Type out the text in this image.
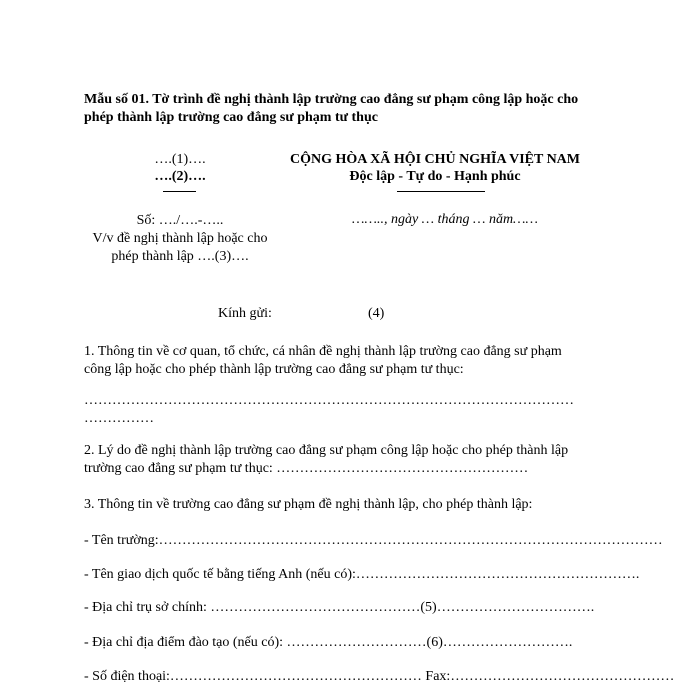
Mẫu số 01. Tờ trình đề nghị thành lập trường cao đẳng sư phạm công lập hoặc cho
phép thành lập trường cao đẳng sư phạm tư thục
….(1)….
….(2)….
Số: …./….-…..
V/v đề nghị thành lập hoặc cho
phép thành lập ….(3)….
CỘNG HÒA XÃ HỘI CHỦ NGHĨA VIỆT NAM
Độc lập - Tự do - Hạnh phúc
…….., ngày … tháng … năm……
Kính gửi:	(4)
1. Thông tin về cơ quan, tổ chức, cá nhân đề nghị thành lập trường cao đẳng sư phạm
công lập hoặc cho phép thành lập trường cao đẳng sư phạm tư thục:
……………………………………………………………………………………………
……………
2. Lý do đề nghị thành lập trường cao đẳng sư phạm công lập hoặc cho phép thành lập
trường cao đẳng sư phạm tư thục: ………………………………………………
3. Thông tin về trường cao đẳng sư phạm đề nghị thành lập, cho phép thành lập:
- Tên trường:………………………………………………………………………………………………
- Tên giao dịch quốc tế bằng tiếng Anh (nếu có):…………………………………………………….
- Địa chỉ trụ sở chính: ………………………………………(5)…………………………….
- Địa chỉ địa điểm đào tạo (nếu có): …………………………(6)……………………….
- Số điện thoại:……………………………………………… Fax:…………………………………………
